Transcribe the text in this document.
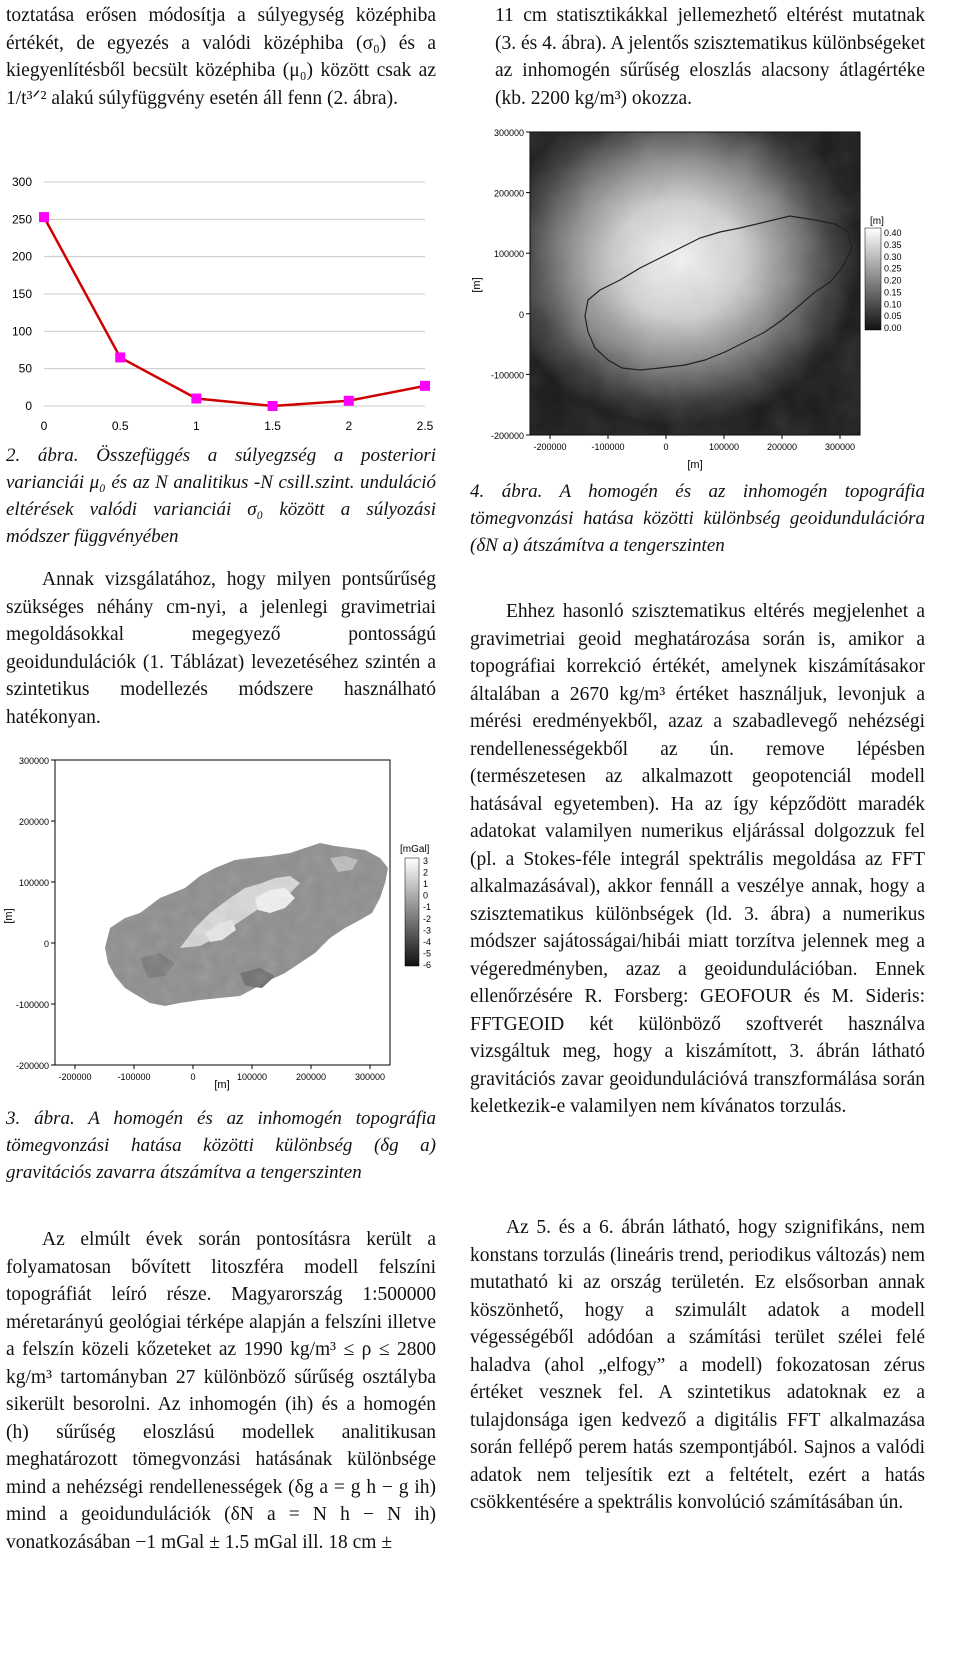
toztatása erősen módosítja a súlyegység középhiba értékét, de egyezés a valódi középhiba (σ₀) és a kiegyenlítésből becsült középhiba (μ₀) között csak az 1/t³ᐟ² alakú súlyfüggvény esetén áll fenn (2. ábra).

0
50
100
150
200
250
300
0	0.5	1	1.5	2	2.5

2. ábra. Összefüggés a súlyegzség a posteriori varianciái μ₀ és az N analitikus -N csill.szint. unduláció eltérések valódi varianciái σ₀ között a súlyozási módszer függvényében

Annak vizsgálatához, hogy milyen pontsűrűség szükséges néhány cm-nyi, a jelenlegi gravimetriai megoldásokkal megegyező pontosságú geoidundulációk (1. Táblázat) levezetéséhez szintén a szintetikus modellezés módszere használható hatékonyan.

300000
200000
100000
0
-100000
-200000
-200000	-100000	0	100000	200000	300000
[m]
[m]
[mGal]
3
2
1
0
-1
-2
-3
-4
-5
-6

3. ábra. A homogén és az inhomogén topográfia tömegvonzási hatása közötti különbség (δg a) gravitációs zavarra átszámítva a tengerszinten

Az elmúlt évek során pontosításra került a folyamatosan bővített litoszféra modell felszíni topográfiát leíró része. Magyarország 1:500000 méretarányú geológiai térképe alapján a felszíni illetve a felszín közeli kőzeteket az 1990 kg/m³ ≤ ρ ≤ 2800 kg/m³ tartományban 27 különböző sűrűség osztályba sikerült besorolni. Az inhomogén (ih) és a homogén (h) sűrűség eloszlású modellek analitikusan meghatározott tömegvonzási hatásának különbsége mind a nehézségi rendellenességek (δg a = g h − g ih) mind a geoidundulációk (δN a = N h − N ih) vonatkozásában −1 mGal ± 1.5 mGal ill. 18 cm ±

11 cm statisztikákkal jellemezhető eltérést mutatnak (3. és 4. ábra). A jelentős szisztematikus különbségeket az inhomogén sűrűség eloszlás alacsony átlagértéke (kb. 2200 kg/m³) okozza.

300000
200000
100000
0
-100000
-200000
-200000	-100000	0	100000	200000	300000
[m]
[m]
[m]
0.40
0.35
0.30
0.25
0.20
0.15
0.10
0.05
0.00

4. ábra. A homogén és az inhomogén topográfia tömegvonzási hatása közötti különbség geoidundulációra (δN a) átszámítva a tengerszinten

Ehhez hasonló szisztematikus eltérés megjelenhet a gravimetriai geoid meghatározása során is, amikor a topográfiai korrekció értékét, amelynek kiszámításakor általában a 2670 kg/m³ értéket használjuk, levonjuk a mérési eredményekből, azaz a szabadlevegő nehézségi rendellenességekből az ún. remove lépésben (természetesen az alkalmazott geopotenciál modell hatásával egyetemben). Ha az így képződött maradék adatokat valamilyen numerikus eljárással dolgozzuk fel (pl. a Stokes-féle integrál spektrális megoldása az FFT alkalmazásával), akkor fennáll a veszélye annak, hogy a szisztematikus különbségek (ld. 3. ábra) a numerikus módszer sajátosságai/hibái miatt torzítva jelennek meg a végeredményben, azaz a geoidundulációban. Ennek ellenőrzésére R. Forsberg: GEOFOUR és M. Sideris: FFTGEOID két különböző szoftverét használva vizsgáltuk meg, hogy a kiszámított, 3. ábrán látható gravitációs zavar geoidundulációvá transzformálása során keletkezik-e valamilyen nem kívánatos torzulás.

Az 5. és a 6. ábrán látható, hogy szignifikáns, nem konstans torzulás (lineáris trend, periodikus változás) nem mutatható ki az ország területén. Ez elsősorban annak köszönhető, hogy a szimulált adatok a modell végességéből adódóan a számítási terület szélei felé haladva (ahol „elfogy” a modell) fokozatosan zérus értéket vesznek fel. A szintetikus adatoknak ez a tulajdonsága igen kedvező a digitális FFT alkalmazása során fellépő perem hatás szempontjából. Sajnos a valódi adatok nem teljesítik ezt a feltételt, ezért a hatás csökkentésére a spektrális konvolúció számításában ún.
